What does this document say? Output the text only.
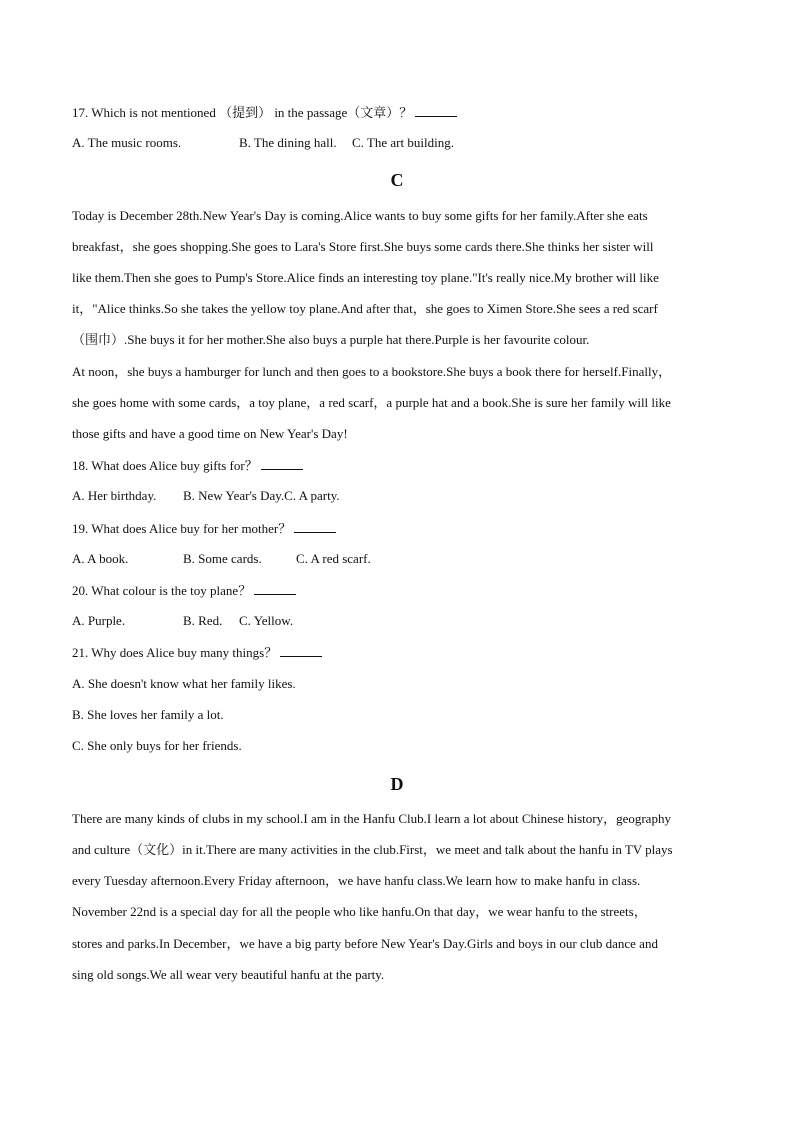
17. Which is not mentioned （提到） in the passage（文章）？
A. The music rooms.	B. The dining hall. C. The art building.
C
Today is December 28th.New Year's Day is coming.Alice wants to buy some gifts for her family.After she eats
breakfast，she goes shopping.She goes to Lara's Store first.She buys some cards there.She thinks her sister will
like them.Then she goes to Pump's Store.Alice finds an interesting toy plane."It's really nice.My brother will like
it，"Alice thinks.So she takes the yellow toy plane.And after that，she goes to Ximen Store.She sees a red scarf
（围巾）.She buys it for her mother.She also buys a purple hat there.Purple is her favourite colour.
At noon，she buys a hamburger for lunch and then goes to a bookstore.She buys a book there for herself.Finally，
she goes home with some cards，a toy plane，a red scarf，a purple hat and a book.She is sure her family will like
those gifts and have a good time on New Year's Day!
18. What does Alice buy gifts for？
A. Her birthday. B. New Year's Day.C. A party.
19. What does Alice buy for her mother？
A. A book.	B. Some cards.	C. A red scarf.
20. What colour is the toy plane？
A. Purple.	B. Red. C. Yellow.
21. Why does Alice buy many things？
A. She doesn't know what her family likes.
B. She loves her family a lot.
C. She only buys for her friends.
D
There are many kinds of clubs in my school.I am in the Hanfu Club.I learn a lot about Chinese history，geography
and culture（文化）in it.There are many activities in the club.First，we meet and talk about the hanfu in TV plays
every Tuesday afternoon.Every Friday afternoon，we have hanfu class.We learn how to make hanfu in class.
November 22nd is a special day for all the people who like hanfu.On that day，we wear hanfu to the streets，
stores and parks.In December，we have a big party before New Year's Day.Girls and boys in our club dance and
sing old songs.We all wear very beautiful hanfu at the party.
